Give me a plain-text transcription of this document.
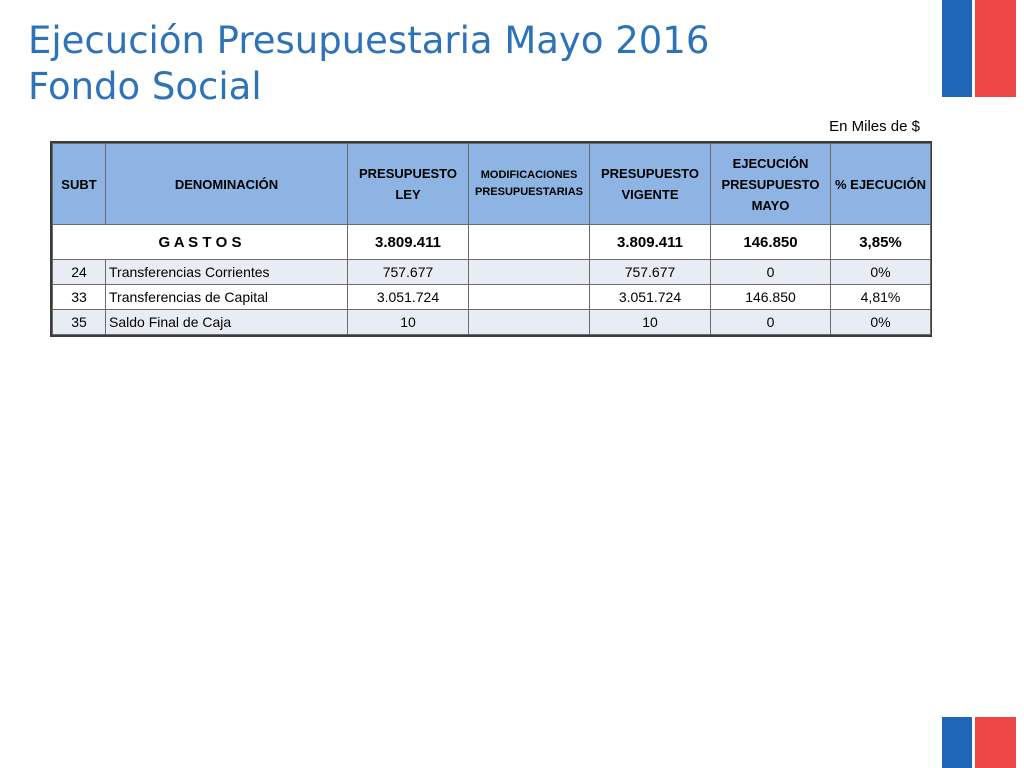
Ejecución Presupuestaria Mayo 2016
Fondo Social
En Miles de $
SUBT	DENOMINACIÓN	PRESUPUESTO LEY	MODIFICACIONES PRESUPUESTARIAS	PRESUPUESTO VIGENTE	EJECUCIÓN PRESUPUESTO MAYO	% EJECUCIÓN
G A S T O S		3.809.411		3.809.411	146.850	3,85%
24	Transferencias Corrientes	757.677		757.677	0	0%
33	Transferencias de Capital	3.051.724		3.051.724	146.850	4,81%
35	Saldo Final de Caja	10		10	0	0%
